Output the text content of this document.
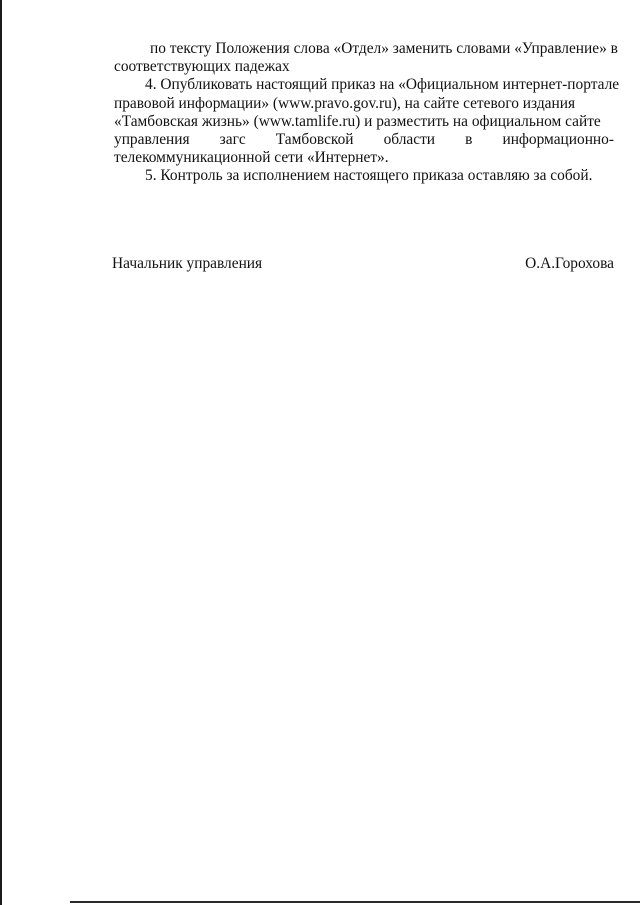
по тексту Положения слова «Отдел» заменить словами «Управление» в
соответствующих падежах

4. Опубликовать настоящий приказ на «Официальном интернет-портале
правовой информации» (www.pravo.gov.ru), на сайте сетевого издания
«Тамбовская жизнь» (www.tamlife.ru) и разместить на официальном сайте
управления загс Тамбовской области в информационно-
телекоммуникационной сети «Интернет».

5. Контроль за исполнением настоящего приказа оставляю за собой.

Начальник управления	О.А.Горохова
